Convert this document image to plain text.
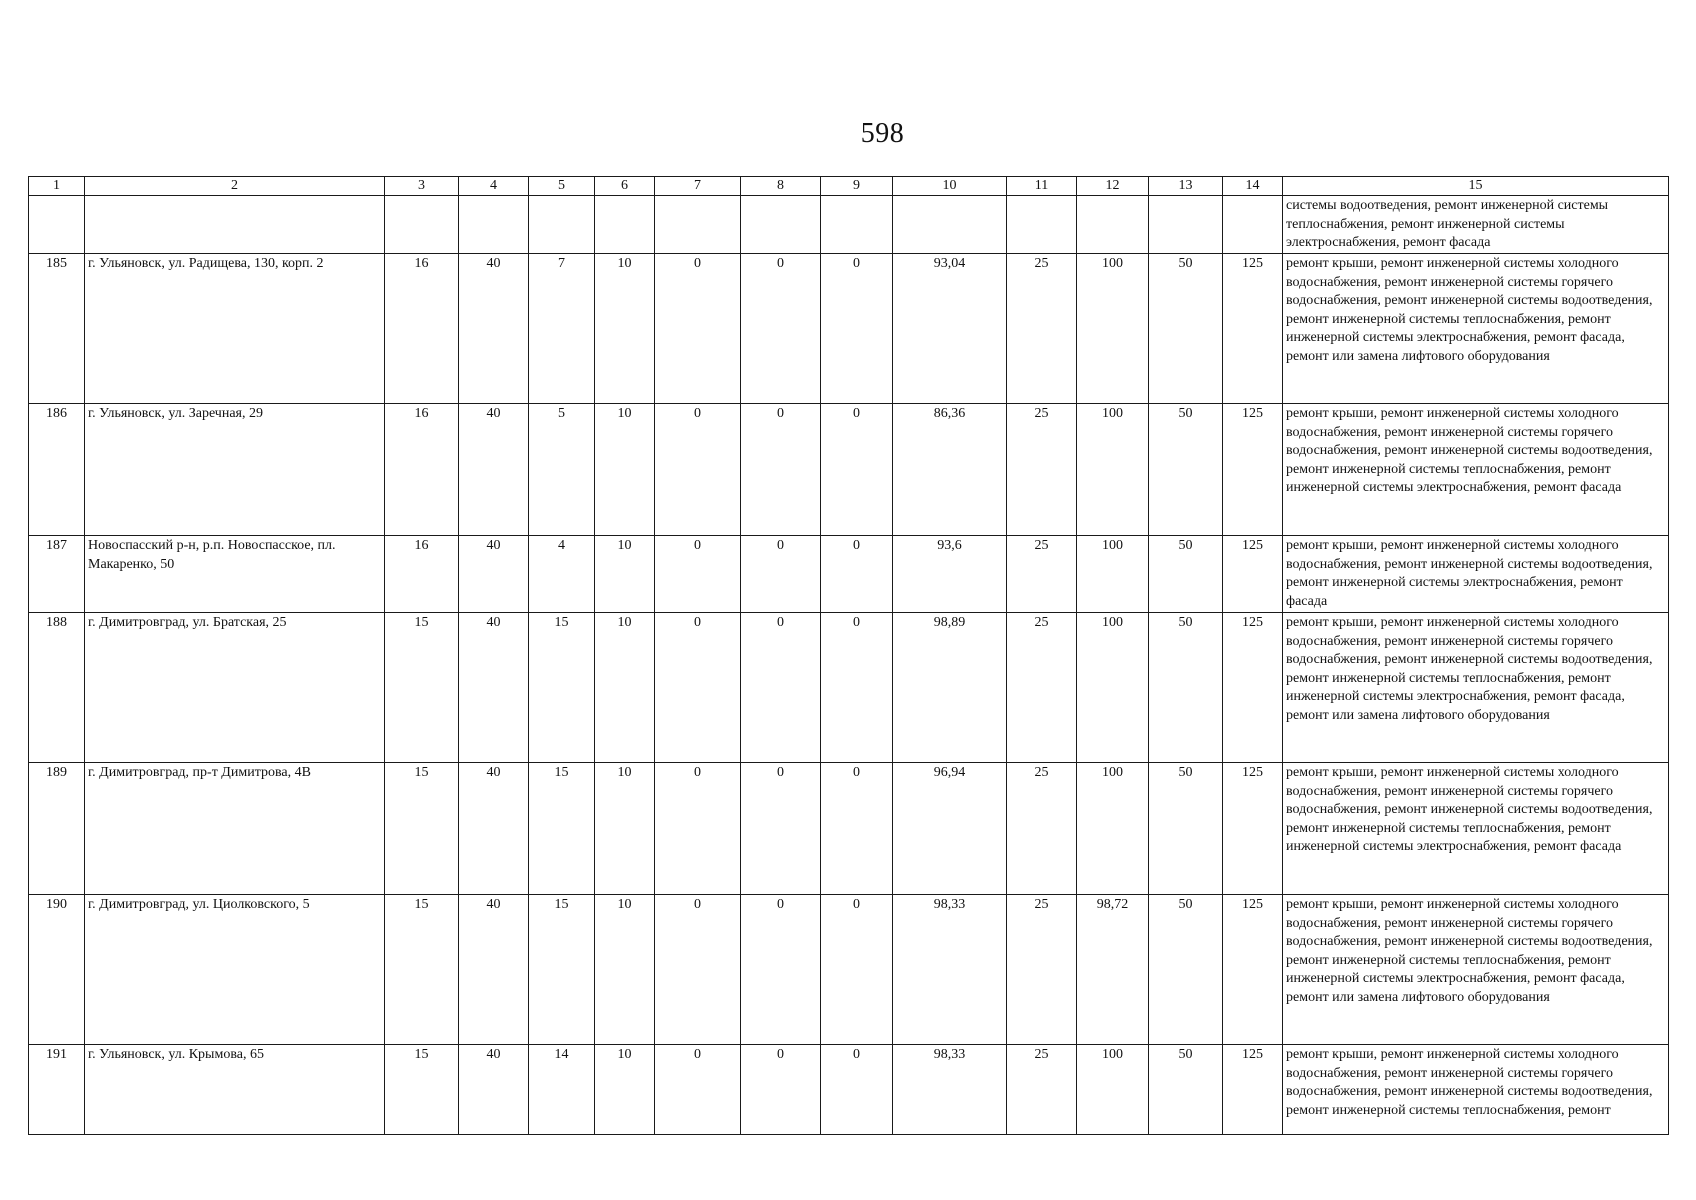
598
1	2	3	4	5	6	7	8	9	10	11	12	13	14	15
														системы водоотведения, ремонт инженерной системы теплоснабжения, ремонт инженерной системы электроснабжения, ремонт фасада
185	г. Ульяновск, ул. Радищева, 130, корп. 2	16	40	7	10	0	0	0	93,04	25	100	50	125	ремонт крыши, ремонт инженерной системы холодного водоснабжения, ремонт инженерной системы горячего водоснабжения, ремонт инженерной системы водоотведения, ремонт инженерной системы теплоснабжения, ремонт инженерной системы электроснабжения, ремонт фасада, ремонт или замена лифтового оборудования
186	г. Ульяновск, ул. Заречная, 29	16	40	5	10	0	0	0	86,36	25	100	50	125	ремонт крыши, ремонт инженерной системы холодного водоснабжения, ремонт инженерной системы горячего водоснабжения, ремонт инженерной системы водоотведения, ремонт инженерной системы теплоснабжения, ремонт инженерной системы электроснабжения, ремонт фасада
187	Новоспасский р-н, р.п. Новоспасское, пл. Макаренко, 50	16	40	4	10	0	0	0	93,6	25	100	50	125	ремонт крыши, ремонт инженерной системы холодного водоснабжения, ремонт инженерной системы водоотведения, ремонт инженерной системы электроснабжения, ремонт фасада
188	г. Димитровград, ул. Братская, 25	15	40	15	10	0	0	0	98,89	25	100	50	125	ремонт крыши, ремонт инженерной системы холодного водоснабжения, ремонт инженерной системы горячего водоснабжения, ремонт инженерной системы водоотведения, ремонт инженерной системы теплоснабжения, ремонт инженерной системы электроснабжения, ремонт фасада, ремонт или замена лифтового оборудования
189	г. Димитровград, пр-т Димитрова, 4В	15	40	15	10	0	0	0	96,94	25	100	50	125	ремонт крыши, ремонт инженерной системы холодного водоснабжения, ремонт инженерной системы горячего водоснабжения, ремонт инженерной системы водоотведения, ремонт инженерной системы теплоснабжения, ремонт инженерной системы электроснабжения, ремонт фасада
190	г. Димитровград, ул. Циолковского, 5	15	40	15	10	0	0	0	98,33	25	98,72	50	125	ремонт крыши, ремонт инженерной системы холодного водоснабжения, ремонт инженерной системы горячего водоснабжения, ремонт инженерной системы водоотведения, ремонт инженерной системы теплоснабжения, ремонт инженерной системы электроснабжения, ремонт фасада, ремонт или замена лифтового оборудования
191	г. Ульяновск, ул. Крымова, 65	15	40	14	10	0	0	0	98,33	25	100	50	125	ремонт крыши, ремонт инженерной системы холодного водоснабжения, ремонт инженерной системы горячего водоснабжения, ремонт инженерной системы водоотведения, ремонт инженерной системы теплоснабжения, ремонт
